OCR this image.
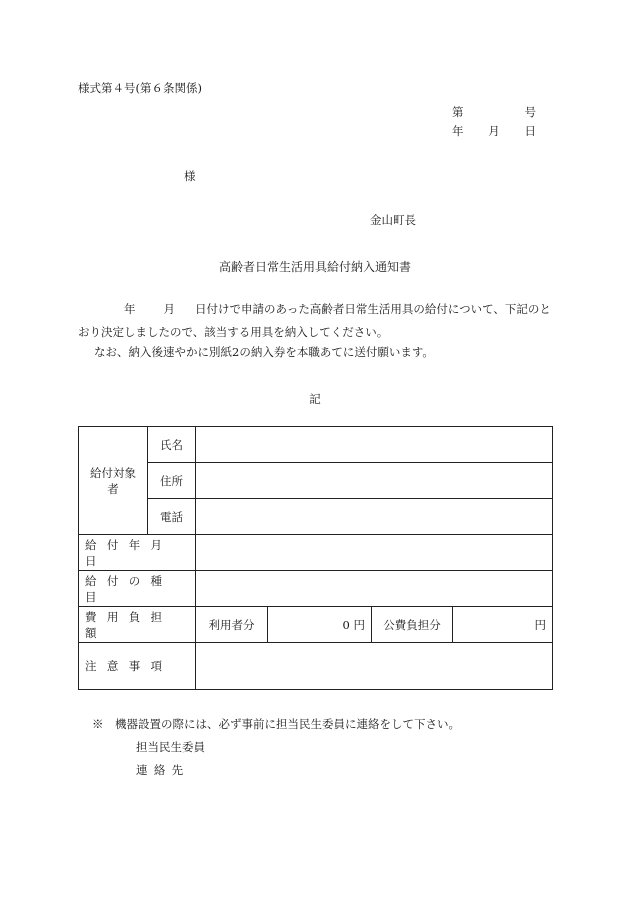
様式第４号(第６条関係)
第	号
年 月 日
様
金山町長
高齢者日常生活用具給付納入通知書
年 月 日付けで申請のあった高齢者日常生活用具の給付について、下記のとおり決定しましたので、該当する用具を納入してください。
なお、納入後速やかに別紙2の納入券を本職あてに送付願います。
記
給付対象者	氏名				
	住所				
	電話				
給付年月日					
給付の種目					
費用負担額		利用者分	0 円	公費負担分	円
注意事項					
※　機器設置の際には、必ず事前に担当民生委員に連絡をして下さい。
担当民生委員
連絡先
